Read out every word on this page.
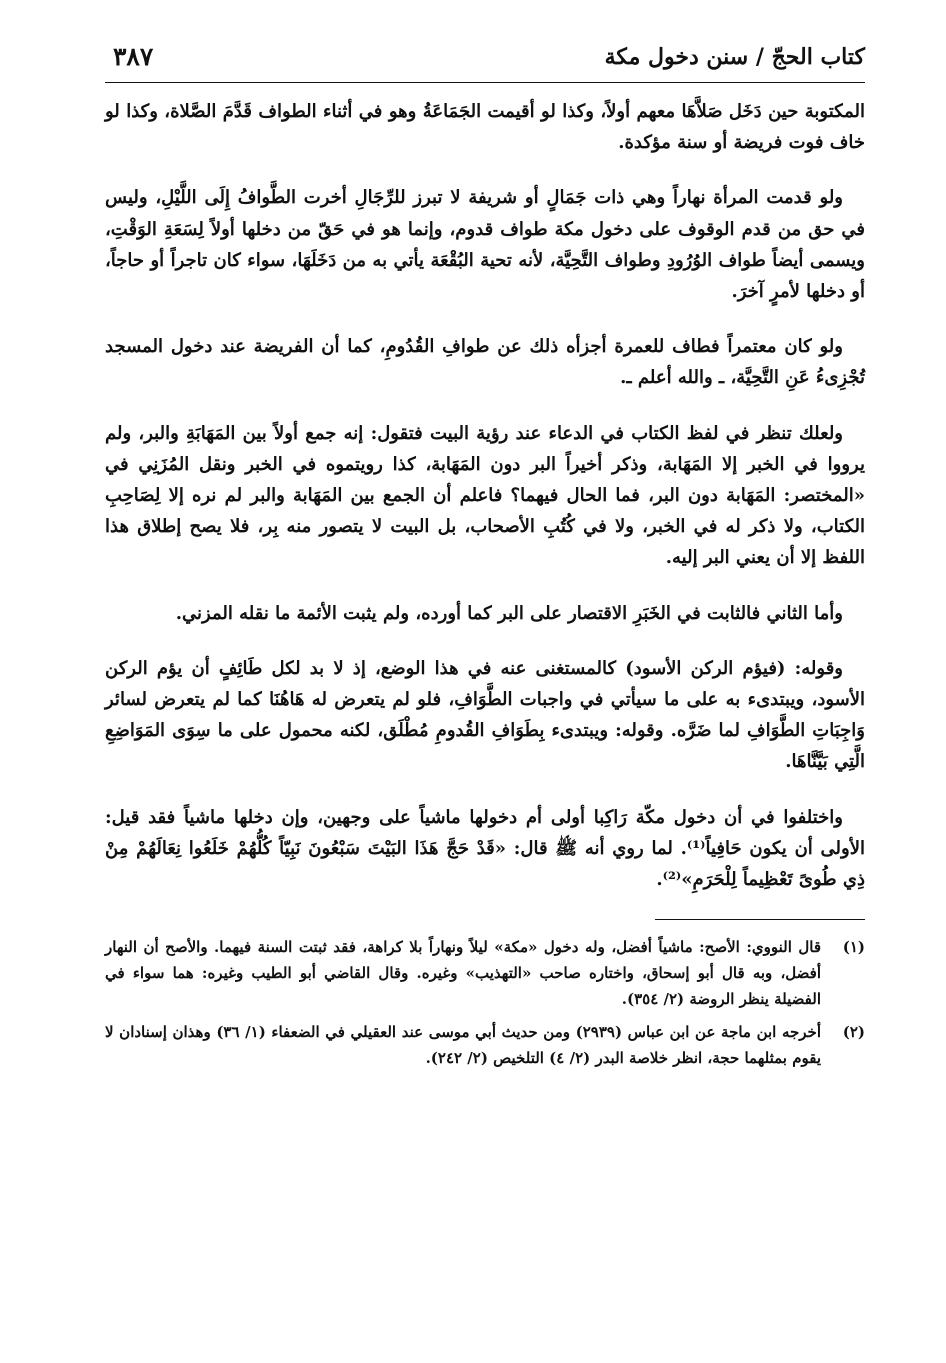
كتاب الحجّ / سنن دخول مكة
٣٨٧

المكتوبة حين دَخَل صَلاَّهَا معهم أولاً، وكذا لو أقيمت الجَمَاعَةُ وهو في أثناء الطواف قَدَّمَ الصَّلاة، وكذا لو خاف فوت فريضة أو سنة مؤكدة.

ولو قدمت المرأة نهاراً وهي ذات جَمَالٍ أو شريفة لا تبرز للرِّجَالِ أخرت الطَّوافُ إِلَى اللَّيْلِ، وليس في حق من قدم الوقوف على دخول مكة طواف قدوم، وإنما هو في حَقّ من دخلها أولاً لِسَعَةِ الوَقْتِ، ويسمى أيضاً طواف الوُرُودِ وطواف التَّحِيَّة، لأنه تحية البُقْعَة يأتي به من دَخَلَهَا، سواء كان تاجراً أو حاجاً، أو دخلها لأمرٍ آخرَ.

ولو كان معتمراً فطاف للعمرة أجزأه ذلك عن طوافِ القُدُومِ، كما أن الفريضة عند دخول المسجد تُجْزِىءُ عَنِ التَّحِيَّة، ـ والله أعلم ـ.

ولعلك تنظر في لفظ الكتاب في الدعاء عند رؤية البيت فتقول: إنه جمع أولاً بين المَهَابَةِ والبر، ولم يرووا في الخبر إلا المَهَابة، وذكر أخيراً البر دون المَهَابة، كذا رويتموه في الخبر ونقل المُزَنِي في «المختصر: المَهَابة دون البر، فما الحال فيهما؟ فاعلم أن الجمع بين المَهَابة والبر لم نره إلا لِصَاحِبِ الكتاب، ولا ذكر له في الخبر، ولا في كُتُبِ الأصحاب، بل البيت لا يتصور منه بِر، فلا يصح إطلاق هذا اللفظ إلا أن يعني البر إليه.

وأما الثاني فالثابت في الخَبَرِ الاقتصار على البر كما أورده، ولم يثبت الأئمة ما نقله المزني.

وقوله: (فيؤم الركن الأسود) كالمستغنى عنه في هذا الوضع، إذ لا بد لكل طَائِفٍ أن يؤم الركن الأسود، ويبتدىء به على ما سيأتي في واجبات الطَّوَافِ، فلو لم يتعرض له هَاهُنَا كما لم يتعرض لسائر وَاجِبَاتِ الطَّوَافِ لما ضَرَّه. وقوله: ويبتدىء بِطَوَافِ القُدومِ مُطْلَق، لكنه محمول على ما سِوَى المَوَاضِعِ الَّتِي بَيَّنَّاهَا.

واختلفوا في أن دخول مكّة رَاكِبا أولى أم دخولها ماشياً على وجهين، وإن دخلها ماشياً فقد قيل: الأولى أن يكون حَافِياً⁽¹⁾. لما روي أنه ﷺ قال: «قَدْ حَجَّ هَذَا البَيْتَ سَبْعُونَ نَبِيّاً كُلُّهُمْ خَلَعُوا نِعَالَهُمْ مِنْ ذِي طُوىً تَعْظِيماً لِلْحَرَمِ»⁽²⁾.

(١)
قال النووي: الأصح: ماشياً أفضل، وله دخول «مكة» ليلاً ونهاراً بلا كراهة، فقد ثبتت السنة فيهما. والأصح أن النهار أفضل، وبه قال أبو إسحاق، واختاره صاحب «التهذيب» وغيره. وقال القاضي أبو الطيب وغيره: هما سواء في الفضيلة ينظر الروضة (٢/ ٣٥٤).
(٢)
أخرجه ابن ماجة عن ابن عباس (٢٩٣٩) ومن حديث أبي موسى عند العقيلي في الضعفاء (١/ ٣٦) وهذان إسنادان لا يقوم بمثلهما حجة، انظر خلاصة البدر (٢/ ٤) التلخيص (٢/ ٢٤٢).
